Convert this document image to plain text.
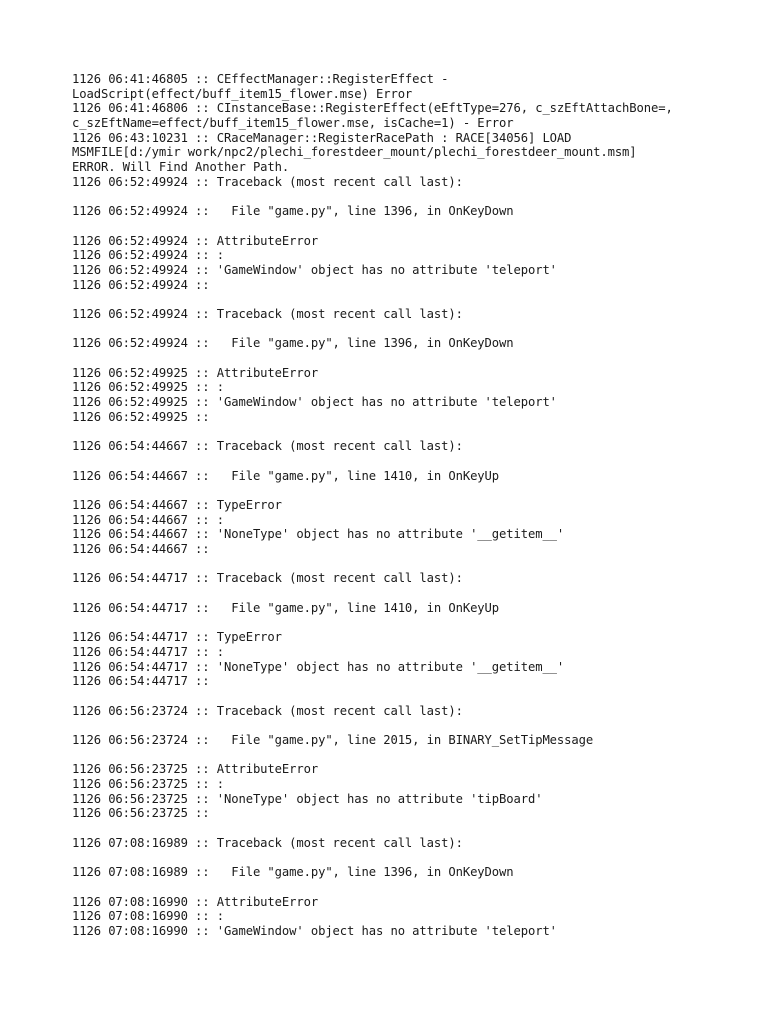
1126 06:41:46805 :: CEffectManager::RegisterEffect -
LoadScript(effect/buff_item15_flower.mse) Error
1126 06:41:46806 :: CInstanceBase::RegisterEffect(eEftType=276, c_szEftAttachBone=,
c_szEftName=effect/buff_item15_flower.mse, isCache=1) - Error
1126 06:43:10231 :: CRaceManager::RegisterRacePath : RACE[34056] LOAD
MSMFILE[d:/ymir work/npc2/plechi_forestdeer_mount/plechi_forestdeer_mount.msm]
ERROR. Will Find Another Path.
1126 06:52:49924 :: Traceback (most recent call last):
1126 06:52:49924 ::   File "game.py", line 1396, in OnKeyDown
1126 06:52:49924 :: AttributeError
1126 06:52:49924 :: :
1126 06:52:49924 :: 'GameWindow' object has no attribute 'teleport'
1126 06:52:49924 ::
1126 06:52:49924 :: Traceback (most recent call last):
1126 06:52:49924 ::   File "game.py", line 1396, in OnKeyDown
1126 06:52:49925 :: AttributeError
1126 06:52:49925 :: :
1126 06:52:49925 :: 'GameWindow' object has no attribute 'teleport'
1126 06:52:49925 ::
1126 06:54:44667 :: Traceback (most recent call last):
1126 06:54:44667 ::   File "game.py", line 1410, in OnKeyUp
1126 06:54:44667 :: TypeError
1126 06:54:44667 :: :
1126 06:54:44667 :: 'NoneType' object has no attribute '__getitem__'
1126 06:54:44667 ::
1126 06:54:44717 :: Traceback (most recent call last):
1126 06:54:44717 ::   File "game.py", line 1410, in OnKeyUp
1126 06:54:44717 :: TypeError
1126 06:54:44717 :: :
1126 06:54:44717 :: 'NoneType' object has no attribute '__getitem__'
1126 06:54:44717 ::
1126 06:56:23724 :: Traceback (most recent call last):
1126 06:56:23724 ::   File "game.py", line 2015, in BINARY_SetTipMessage
1126 06:56:23725 :: AttributeError
1126 06:56:23725 :: :
1126 06:56:23725 :: 'NoneType' object has no attribute 'tipBoard'
1126 06:56:23725 ::
1126 07:08:16989 :: Traceback (most recent call last):
1126 07:08:16989 ::   File "game.py", line 1396, in OnKeyDown
1126 07:08:16990 :: AttributeError
1126 07:08:16990 :: :
1126 07:08:16990 :: 'GameWindow' object has no attribute 'teleport'
